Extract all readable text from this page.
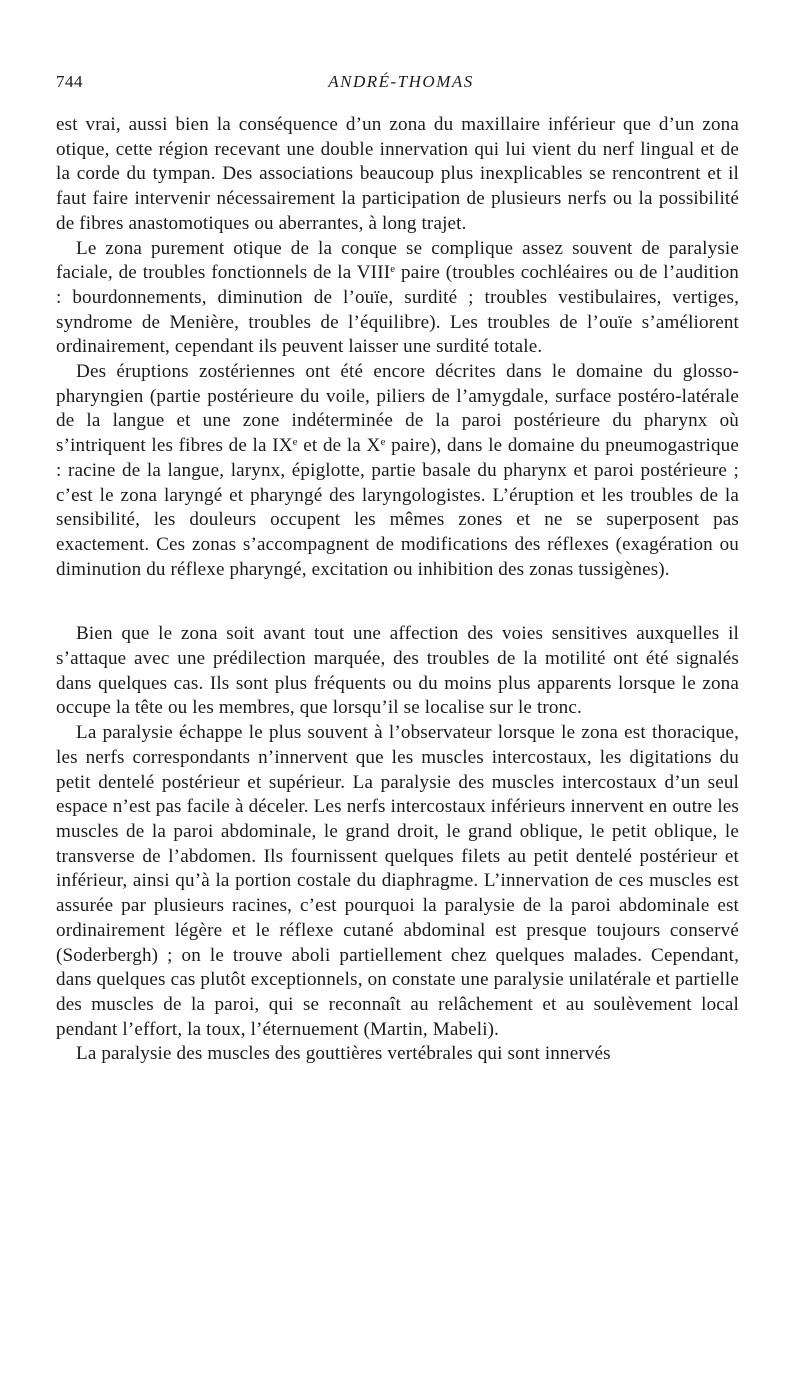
744	ANDRÉ-THOMAS

est vrai, aussi bien la conséquence d’un zona du maxillaire inférieur que d’un zona otique, cette région recevant une double innervation qui lui vient du nerf lingual et de la corde du tympan. Des associations beaucoup plus inexplicables se rencontrent et il faut faire intervenir nécessairement la participation de plusieurs nerfs ou la possibilité de fibres anastomotiques ou aberrantes, à long trajet.

Le zona purement otique de la conque se complique assez souvent de paralysie faciale, de troubles fonctionnels de la VIIIe paire (troubles cochléaires ou de l’audition : bourdonnements, diminution de l’ouïe, surdité ; troubles vestibulaires, vertiges, syndrome de Menière, troubles de l’équilibre). Les troubles de l’ouïe s’améliorent ordinairement, cependant ils peuvent laisser une surdité totale.

Des éruptions zostériennes ont été encore décrites dans le domaine du glosso-pharyngien (partie postérieure du voile, piliers de l’amygdale, surface postéro-latérale de la langue et une zone indéterminée de la paroi postérieure du pharynx où s’intriquent les fibres de la IXe et de la Xe paire), dans le domaine du pneumogastrique : racine de la langue, larynx, épiglotte, partie basale du pharynx et paroi postérieure ; c’est le zona laryngé et pharyngé des laryngologistes. L’éruption et les troubles de la sensibilité, les douleurs occupent les mêmes zones et ne se superposent pas exactement. Ces zonas s’accompagnent de modifications des réflexes (exagération ou diminution du réflexe pharyngé, excitation ou inhibition des zonas tussigènes).

Bien que le zona soit avant tout une affection des voies sensitives auxquelles il s’attaque avec une prédilection marquée, des troubles de la motilité ont été signalés dans quelques cas. Ils sont plus fréquents ou du moins plus apparents lorsque le zona occupe la tête ou les membres, que lorsqu’il se localise sur le tronc.

La paralysie échappe le plus souvent à l’observateur lorsque le zona est thoracique, les nerfs correspondants n’innervent que les muscles intercostaux, les digitations du petit dentelé postérieur et supérieur. La paralysie des muscles intercostaux d’un seul espace n’est pas facile à déceler. Les nerfs intercostaux inférieurs innervent en outre les muscles de la paroi abdominale, le grand droit, le grand oblique, le petit oblique, le transverse de l’abdomen. Ils fournissent quelques filets au petit dentelé postérieur et inférieur, ainsi qu’à la portion costale du diaphragme. L’innervation de ces muscles est assurée par plusieurs racines, c’est pourquoi la paralysie de la paroi abdominale est ordinairement légère et le réflexe cutané abdominal est presque toujours conservé (Soderbergh) ; on le trouve aboli partiellement chez quelques malades. Cependant, dans quelques cas plutôt exceptionnels, on constate une paralysie unilatérale et partielle des muscles de la paroi, qui se reconnaît au relâchement et au soulèvement local pendant l’effort, la toux, l’éternuement (Martin, Mabeli).

La paralysie des muscles des gouttières vertébrales qui sont innervés
